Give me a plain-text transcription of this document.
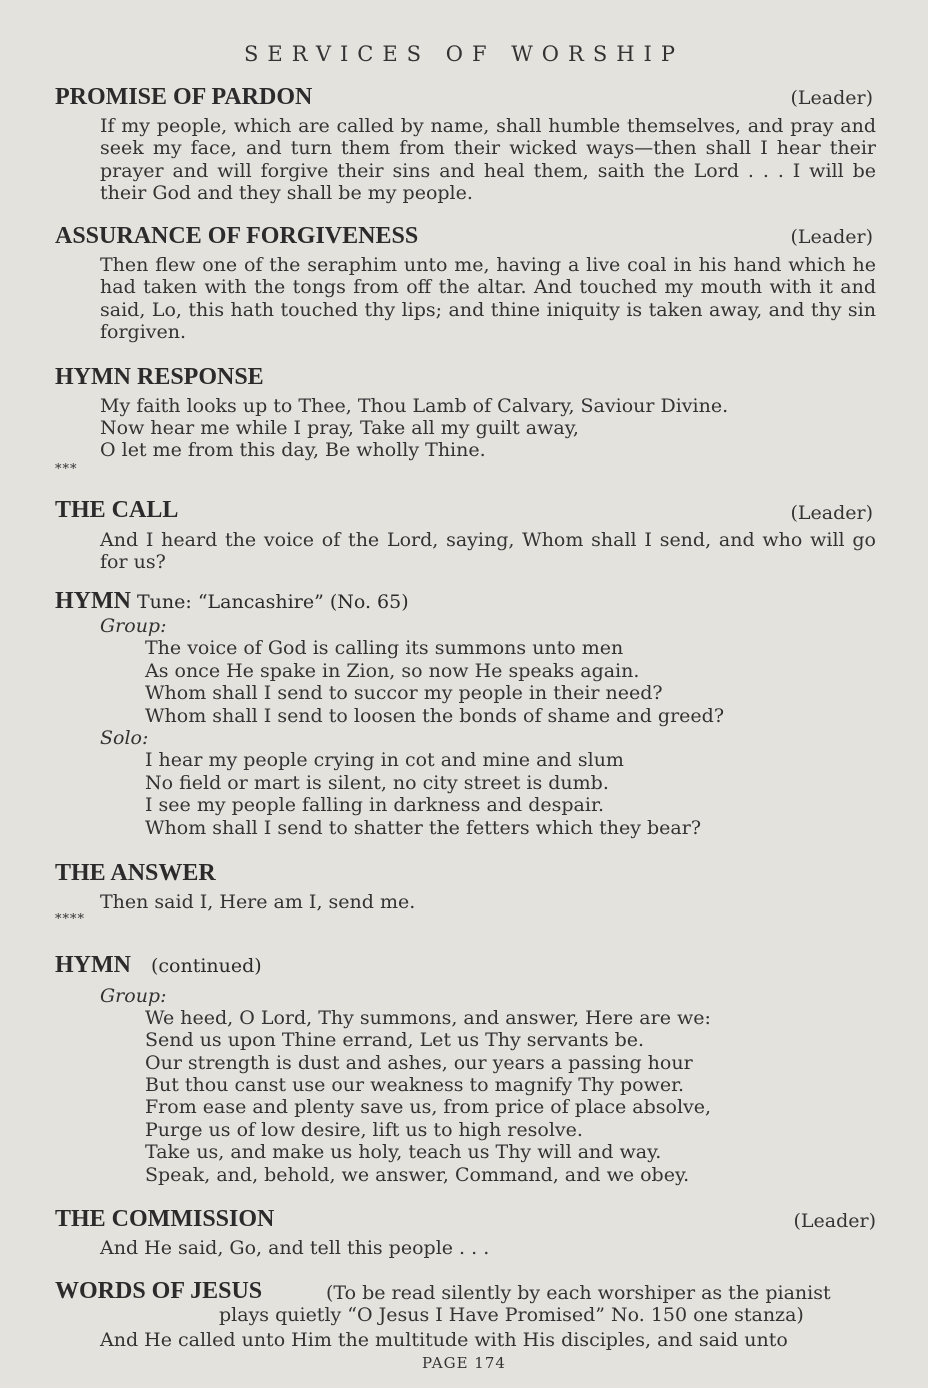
SERVICES OF WORSHIP
PROMISE OF PARDON	(Leader)
If my people, which are called by name, shall humble themselves, and pray and seek my face, and turn them from their wicked ways—then shall I hear their prayer and will forgive their sins and heal them, saith the Lord . . . I will be their God and they shall be my people.
ASSURANCE OF FORGIVENESS	(Leader)
Then flew one of the seraphim unto me, having a live coal in his hand which he had taken with the tongs from off the altar. And touched my mouth with it and said, Lo, this hath touched thy lips; and thine iniquity is taken away, and thy sin forgiven.
HYMN RESPONSE
My faith looks up to Thee, Thou Lamb of Calvary, Saviour Divine.
Now hear me while I pray, Take all my guilt away,
O let me from this day, Be wholly Thine.
***
THE CALL	(Leader)
And I heard the voice of the Lord, saying, Whom shall I send, and who will go for us?
HYMN Tune: “Lancashire” (No. 65)
Group:
The voice of God is calling its summons unto men
As once He spake in Zion, so now He speaks again.
Whom shall I send to succor my people in their need?
Whom shall I send to loosen the bonds of shame and greed?
Solo:
I hear my people crying in cot and mine and slum
No field or mart is silent, no city street is dumb.
I see my people falling in darkness and despair.
Whom shall I send to shatter the fetters which they bear?
THE ANSWER
Then said I, Here am I, send me.
****
HYMN (continued)
Group:
We heed, O Lord, Thy summons, and answer, Here are we:
Send us upon Thine errand, Let us Thy servants be.
Our strength is dust and ashes, our years a passing hour
But thou canst use our weakness to magnify Thy power.
From ease and plenty save us, from price of place absolve,
Purge us of low desire, lift us to high resolve.
Take us, and make us holy, teach us Thy will and way.
Speak, and, behold, we answer, Command, and we obey.
THE COMMISSION	(Leader)
And He said, Go, and tell this people . . .
WORDS OF JESUS	(To be read silently by each worshiper as the pianist
plays quietly “O Jesus I Have Promised” No. 150 one stanza)
And He called unto Him the multitude with His disciples, and said unto
PAGE 174
